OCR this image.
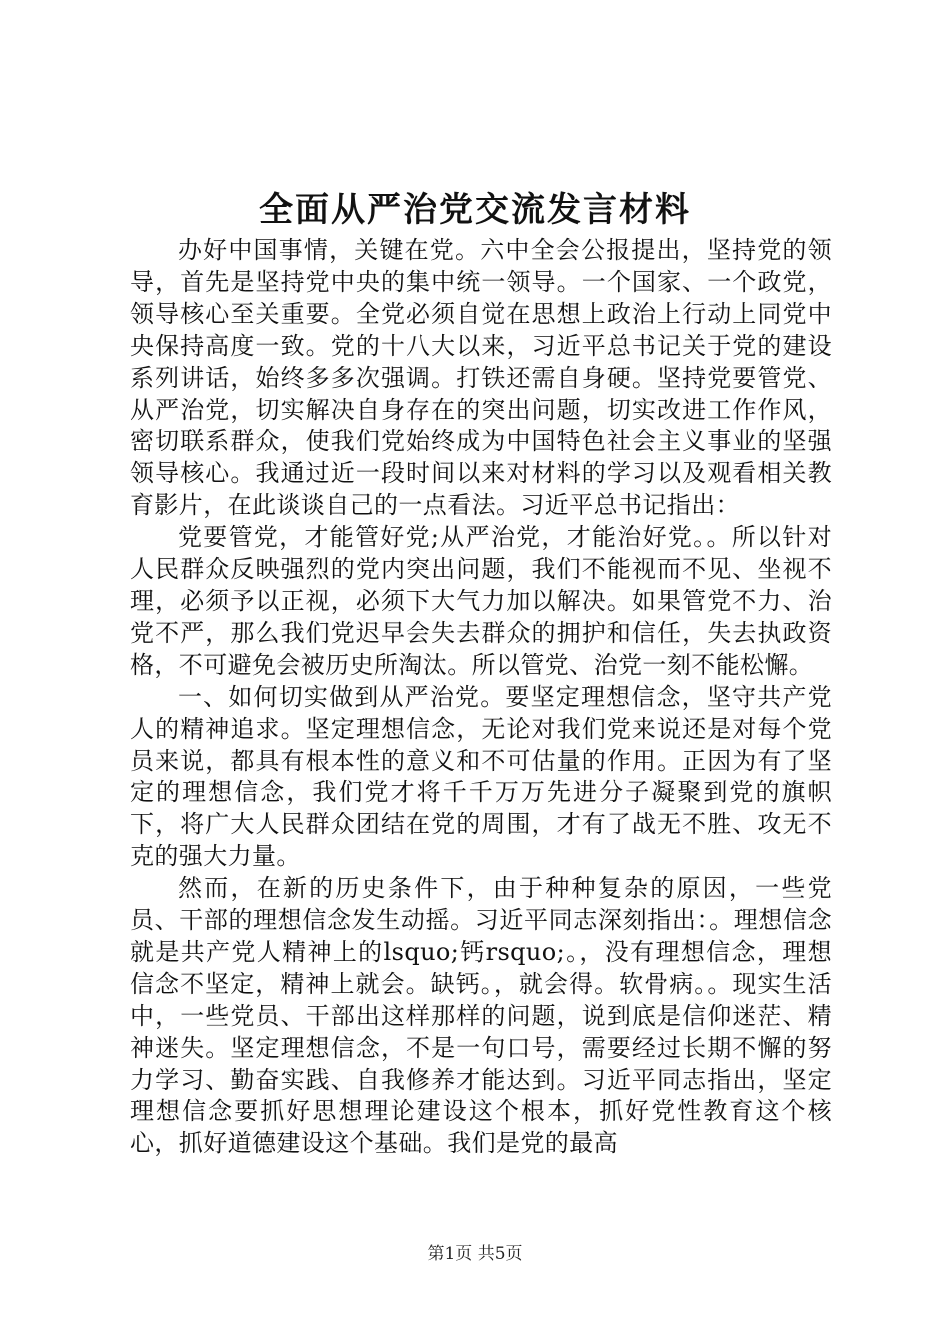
全面从严治党交流发言材料

办好中国事情，关键在党。六中全会公报提出，坚持党的领导，首先是坚持党中央的集中统一领导。一个国家、一个政党，领导核心至关重要。全党必须自觉在思想上政治上行动上同党中央保持高度一致。党的十八大以来，习近平总书记关于党的建设系列讲话，始终多多次强调。打铁还需自身硬。坚持党要管党、从严治党，切实解决自身存在的突出问题，切实改进工作作风，密切联系群众，使我们党始终成为中国特色社会主义事业的坚强领导核心。我通过近一段时间以来对材料的学习以及观看相关教育影片，在此谈谈自己的一点看法。习近平总书记指出：

党要管党，才能管好党;从严治党，才能治好党。。所以针对人民群众反映强烈的党内突出问题，我们不能视而不见、坐视不理，必须予以正视，必须下大气力加以解决。如果管党不力、治党不严，那么我们党迟早会失去群众的拥护和信任，失去执政资格，不可避免会被历史所淘汰。所以管党、治党一刻不能松懈。

一、如何切实做到从严治党。要坚定理想信念，坚守共产党人的精神追求。坚定理想信念，无论对我们党来说还是对每个党员来说，都具有根本性的意义和不可估量的作用。正因为有了坚定的理想信念，我们党才将千千万万先进分子凝聚到党的旗帜下，将广大人民群众团结在党的周围，才有了战无不胜、攻无不克的强大力量。

然而，在新的历史条件下，由于种种复杂的原因，一些党员、干部的理想信念发生动摇。习近平同志深刻指出：。理想信念就是共产党人精神上的lsquo;钙rsquo;。，没有理想信念，理想信念不坚定，精神上就会。缺钙。，就会得。软骨病。。现实生活中，一些党员、干部出这样那样的问题，说到底是信仰迷茫、精神迷失。坚定理想信念，不是一句口号，需要经过长期不懈的努力学习、勤奋实践、自我修养才能达到。习近平同志指出，坚定理想信念要抓好思想理论建设这个根本，抓好党性教育这个核心，抓好道德建设这个基础。我们是党的最高

第1页 共5页
